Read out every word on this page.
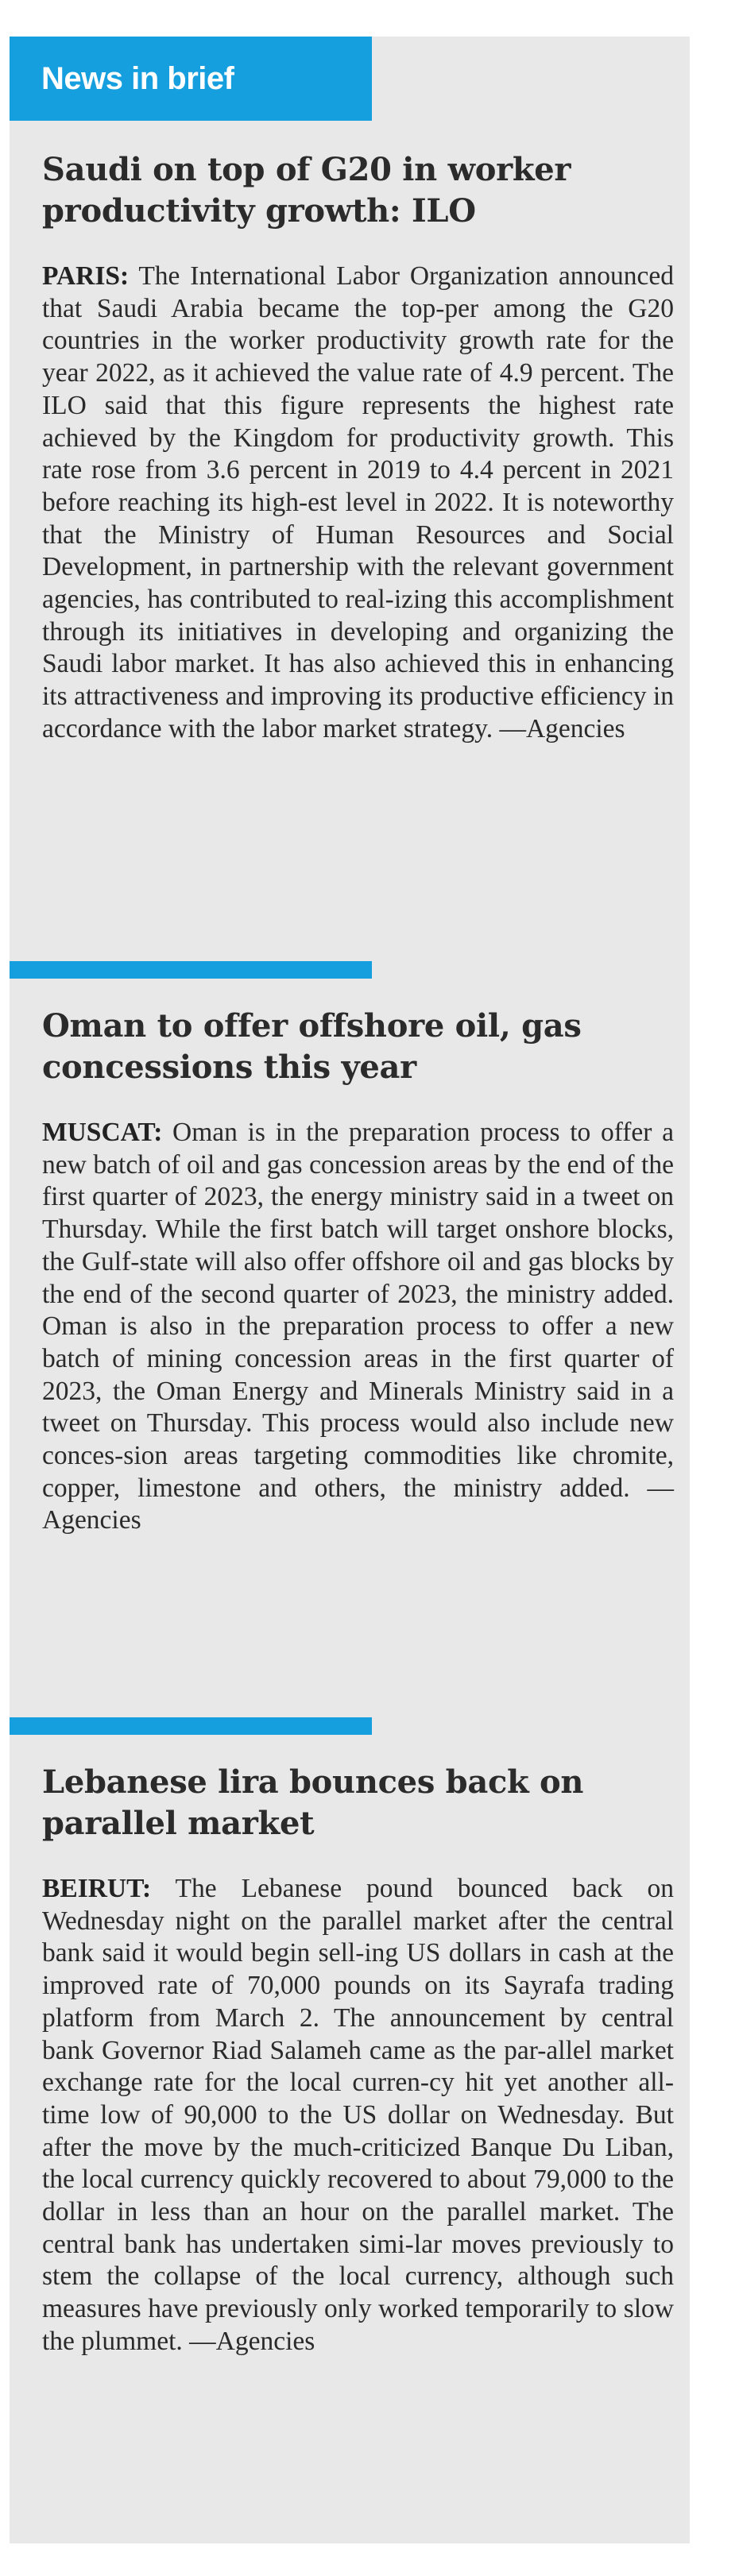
News in brief
Saudi on top of G20 in worker productivity growth: ILO

PARIS: The International Labor Organization announced that Saudi Arabia became the top-per among the G20 countries in the worker productivity growth rate for the year 2022, as it achieved the value rate of 4.9 percent. The ILO said that this figure represents the highest rate achieved by the Kingdom for productivity growth. This rate rose from 3.6 percent in 2019 to 4.4 percent in 2021 before reaching its high-est level in 2022. It is noteworthy that the Ministry of Human Resources and Social Development, in partnership with the relevant government agencies, has contributed to real-izing this accomplishment through its initiatives in developing and organizing the Saudi labor market. It has also achieved this in enhancing its attractiveness and improving its productive efficiency in accordance with the labor market strategy. —Agencies

Oman to offer offshore oil, gas concessions this year

MUSCAT: Oman is in the preparation process to offer a new batch of oil and gas concession areas by the end of the first quarter of 2023, the energy ministry said in a tweet on Thursday. While the first batch will target onshore blocks, the Gulf-state will also offer offshore oil and gas blocks by the end of the second quarter of 2023, the ministry added. Oman is also in the preparation process to offer a new batch of mining concession areas in the first quarter of 2023, the Oman Energy and Minerals Ministry said in a tweet on Thursday. This process would also include new conces-sion areas targeting commodities like chromite, copper, limestone and others, the ministry added. — Agencies

Lebanese lira bounces back on parallel market

BEIRUT: The Lebanese pound bounced back on Wednesday night on the parallel market after the central bank said it would begin sell-ing US dollars in cash at the improved rate of 70,000 pounds on its Sayrafa trading platform from March 2. The announcement by central bank Governor Riad Salameh came as the par-allel market exchange rate for the local curren-cy hit yet another all-time low of 90,000 to the US dollar on Wednesday. But after the move by the much-criticized Banque Du Liban, the local currency quickly recovered to about 79,000 to the dollar in less than an hour on the parallel market. The central bank has undertaken simi-lar moves previously to stem the collapse of the local currency, although such measures have previously only worked temporarily to slow the plummet. —Agencies
